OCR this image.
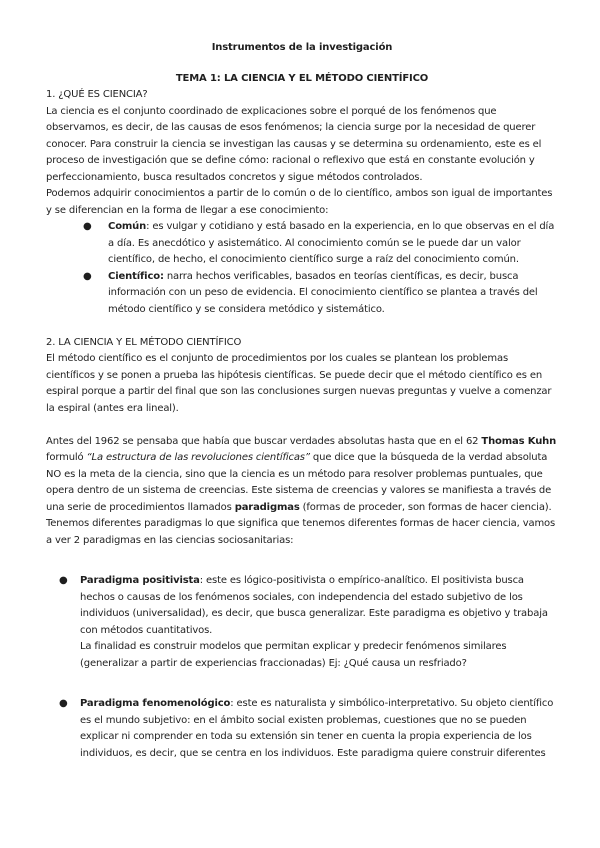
Instrumentos de la investigación

TEMA 1: LA CIENCIA Y EL MÉTODO CIENTÍFICO

1. ¿QUÉ ES CIENCIA?

La ciencia es el conjunto coordinado de explicaciones sobre el porqué de los fenómenos que observamos, es decir, de las causas de esos fenómenos; la ciencia surge por la necesidad de querer conocer. Para construir la ciencia se investigan las causas y se determina su ordenamiento, este es el proceso de investigación que se define cómo: racional o reflexivo que está en constante evolución y perfeccionamiento, busca resultados concretos y sigue métodos controlados.

Podemos adquirir conocimientos a partir de lo común o de lo científico, ambos son igual de importantes y se diferencian en la forma de llegar a ese conocimiento:

● Común: es vulgar y cotidiano y está basado en la experiencia, en lo que observas en el día a día. Es anecdótico y asistemático. Al conocimiento común se le puede dar un valor científico, de hecho, el conocimiento científico surge a raíz del conocimiento común.
● Científico: narra hechos verificables, basados en teorías científicas, es decir, busca información con un peso de evidencia. El conocimiento científico se plantea a través del método científico y se considera metódico y sistemático.

2. LA CIENCIA Y EL MÉTODO CIENTÍFICO

El método científico es el conjunto de procedimientos por los cuales se plantean los problemas científicos y se ponen a prueba las hipótesis científicas. Se puede decir que el método científico es en espiral porque a partir del final que son las conclusiones surgen nuevas preguntas y vuelve a comenzar la espiral (antes era lineal).

Antes del 1962 se pensaba que había que buscar verdades absolutas hasta que en el 62 Thomas Kuhn formuló “La estructura de las revoluciones científicas” que dice que la búsqueda de la verdad absoluta NO es la meta de la ciencia, sino que la ciencia es un método para resolver problemas puntuales, que opera dentro de un sistema de creencias. Este sistema de creencias y valores se manifiesta a través de una serie de procedimientos llamados paradigmas (formas de proceder, son formas de hacer ciencia). Tenemos diferentes paradigmas lo que significa que tenemos diferentes formas de hacer ciencia, vamos a ver 2 paradigmas en las ciencias sociosanitarias:

● Paradigma positivista: este es lógico-positivista o empírico-analítico. El positivista busca hechos o causas de los fenómenos sociales, con independencia del estado subjetivo de los individuos (universalidad), es decir, que busca generalizar. Este paradigma es objetivo y trabaja con métodos cuantitativos.
La finalidad es construir modelos que permitan explicar y predecir fenómenos similares (generalizar a partir de experiencias fraccionadas) Ej: ¿Qué causa un resfriado?
● Paradigma fenomenológico: este es naturalista y simbólico-interpretativo. Su objeto científico es el mundo subjetivo: en el ámbito social existen problemas, cuestiones que no se pueden explicar ni comprender en toda su extensión sin tener en cuenta la propia experiencia de los individuos, es decir, que se centra en los individuos. Este paradigma quiere construir diferentes
